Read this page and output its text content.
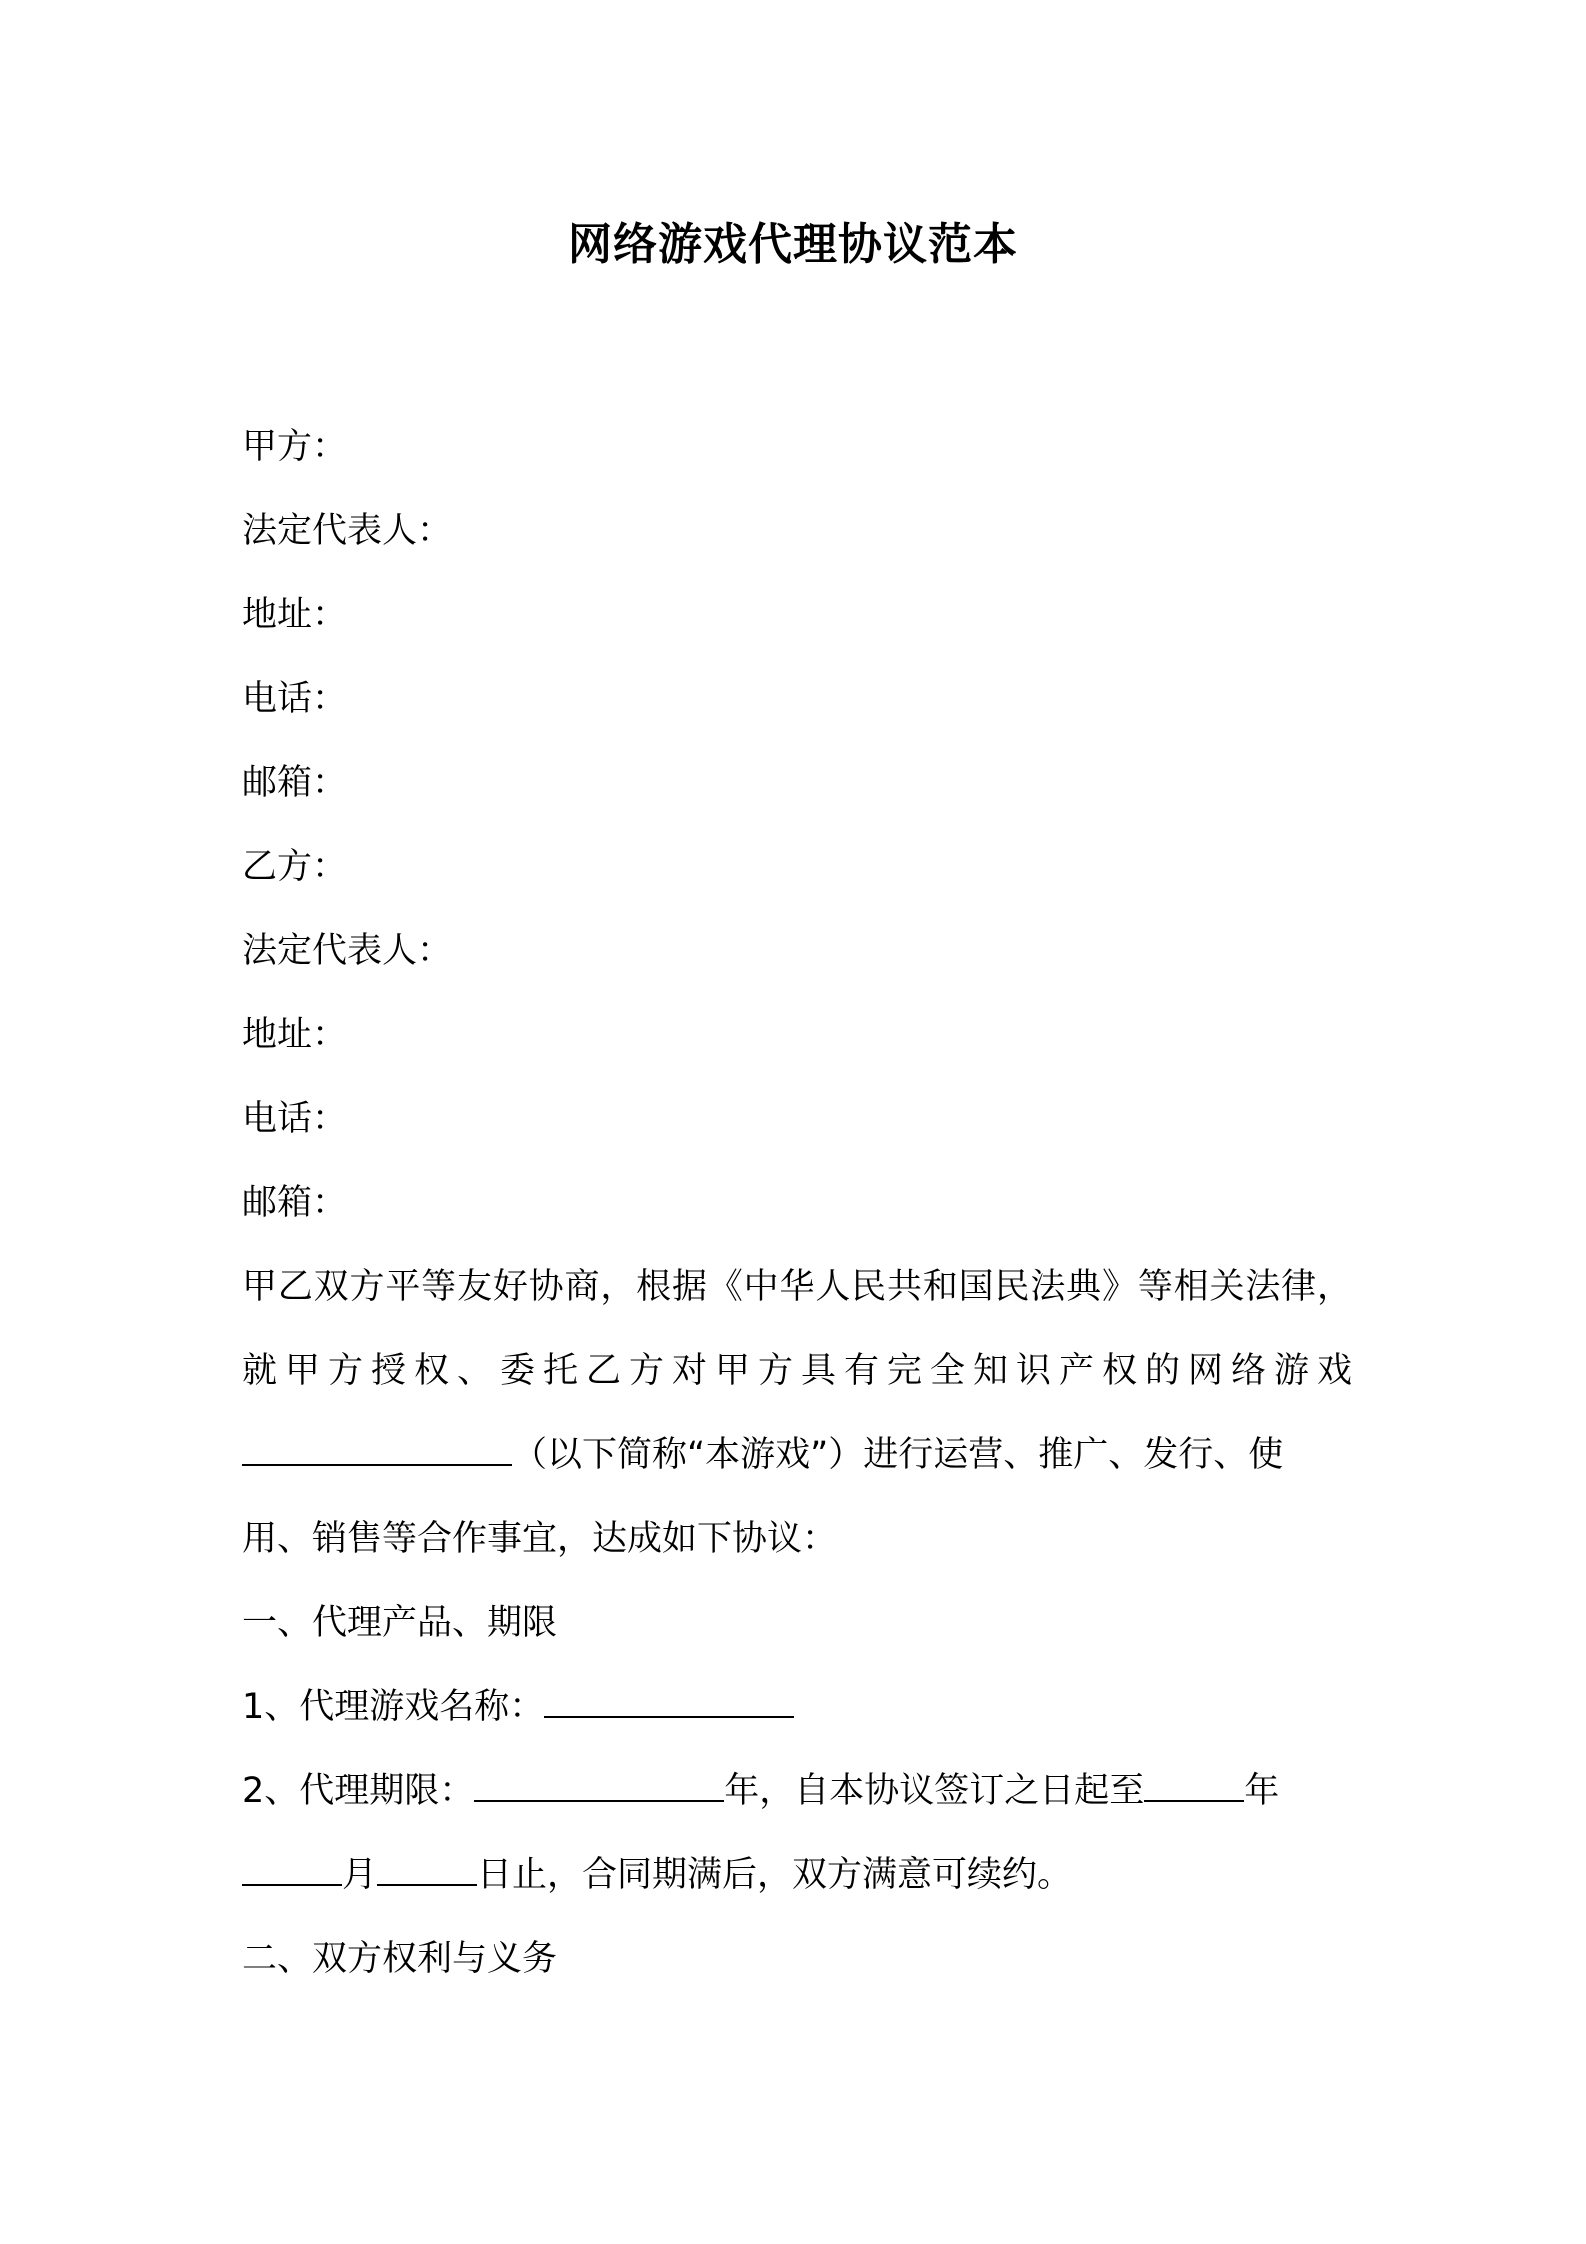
网络游戏代理协议范本
甲方：
法定代表人：
地址：
电话：
邮箱：
乙方：
法定代表人：
地址：
电话：
邮箱：
甲乙双方平等友好协商，根据《中华人民共和国民法典》等相关法律，
就甲方授权、委托乙方对甲方具有完全知识产权的网络游戏
（以下简称“本游戏”）进行运营、推广、发行、使
用、销售等合作事宜，达成如下协议：
一、代理产品、期限
1、代理游戏名称：
2、代理期限：	年，自本协议签订之日起至	年
月	日止，合同期满后，双方满意可续约。
二、双方权利与义务
